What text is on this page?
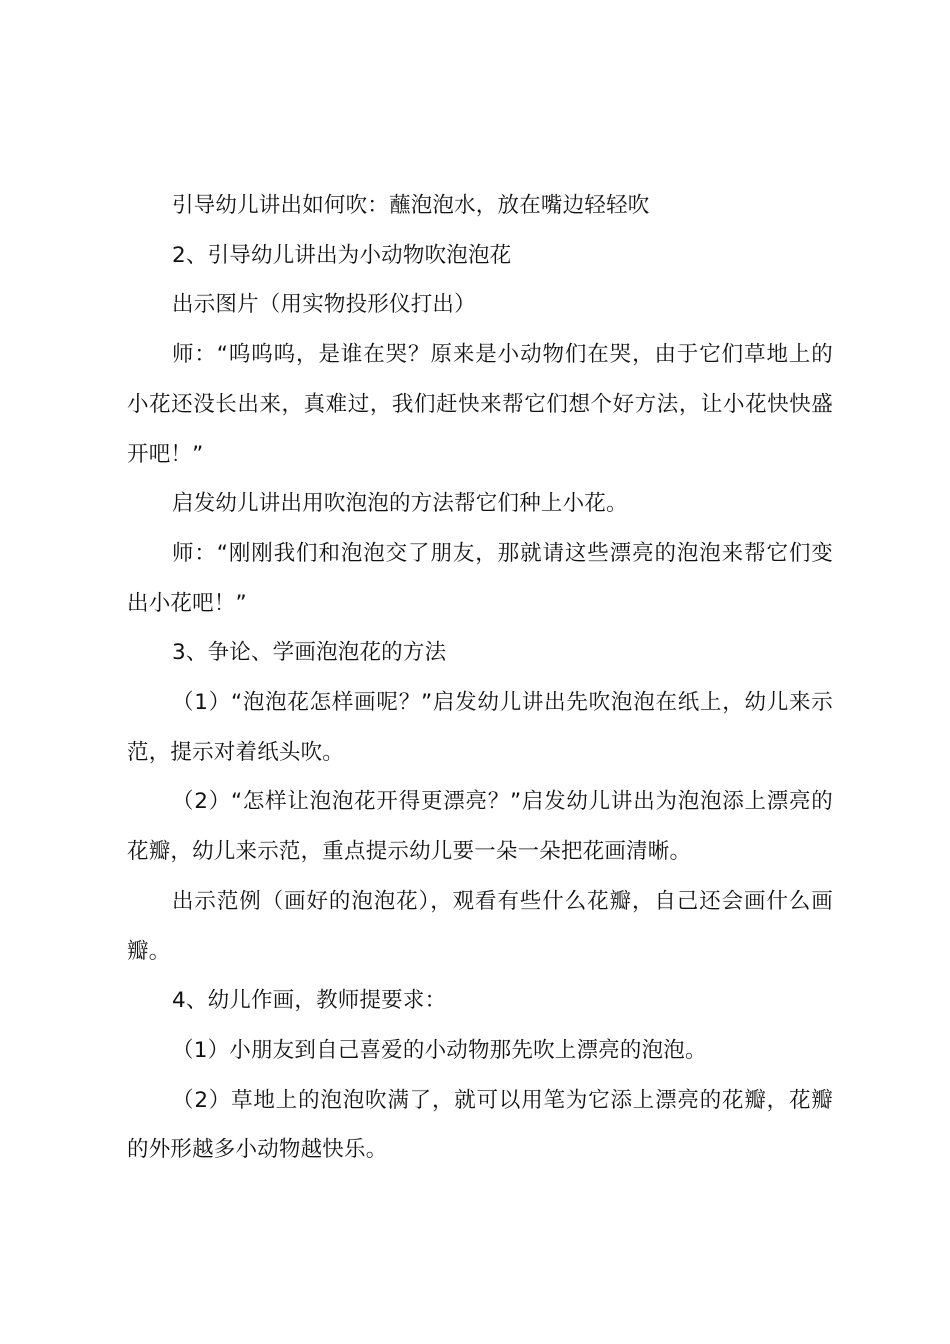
引导幼儿讲出如何吹：蘸泡泡水，放在嘴边轻轻吹

2、引导幼儿讲出为小动物吹泡泡花

出示图片（用实物投形仪打出）

师：“呜呜呜，是谁在哭？原来是小动物们在哭，由于它们草地上的小花还没长出来，真难过，我们赶快来帮它们想个好方法，让小花快快盛开吧！”

启发幼儿讲出用吹泡泡的方法帮它们种上小花。

师：“刚刚我们和泡泡交了朋友，那就请这些漂亮的泡泡来帮它们变出小花吧！”

3、争论、学画泡泡花的方法

（1）“泡泡花怎样画呢？”启发幼儿讲出先吹泡泡在纸上，幼儿来示范，提示对着纸头吹。

（2）“怎样让泡泡花开得更漂亮？”启发幼儿讲出为泡泡添上漂亮的花瓣，幼儿来示范，重点提示幼儿要一朵一朵把花画清晰。

出示范例（画好的泡泡花），观看有些什么花瓣，自己还会画什么画瓣。

4、幼儿作画，教师提要求：

（1）小朋友到自己喜爱的小动物那先吹上漂亮的泡泡。

（2）草地上的泡泡吹满了，就可以用笔为它添上漂亮的花瓣，花瓣的外形越多小动物越快乐。
